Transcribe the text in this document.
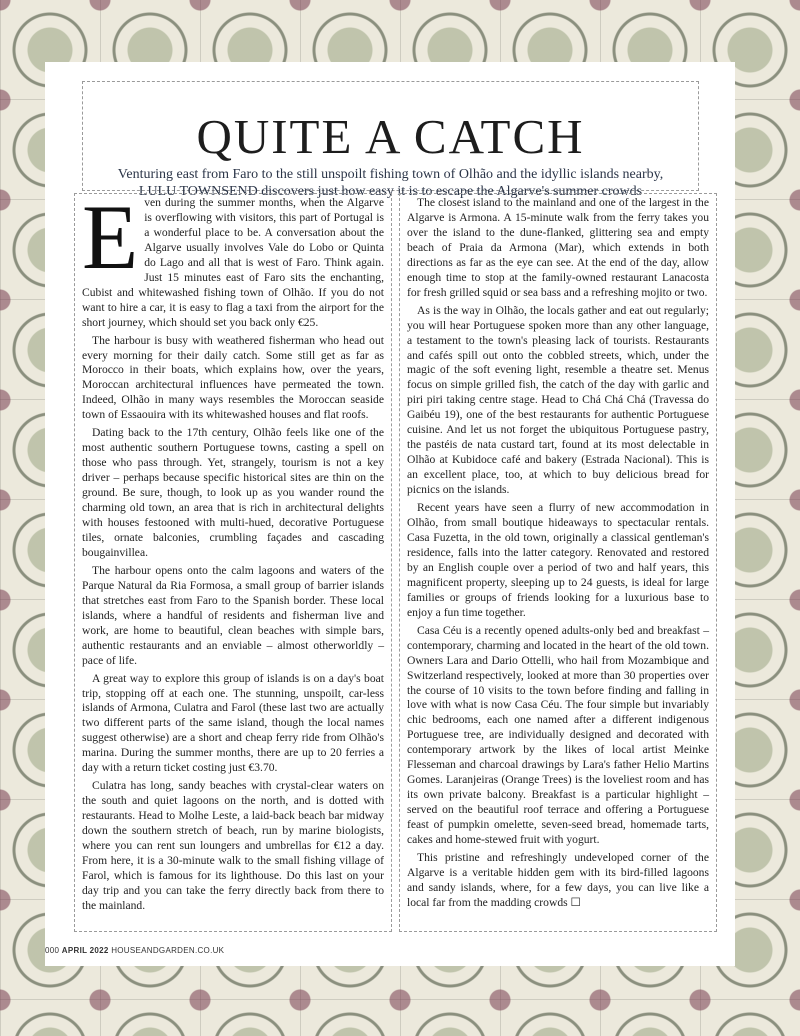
QUITE A CATCH
Venturing east from Faro to the still unspoilt fishing town of Olhão and the idyllic islands nearby, LULU TOWNSEND discovers just how easy it is to escape the Algarve's summer crowds

Even during the summer months, when the Algarve is overflowing with visitors, this part of Portugal is a wonderful place to be. A conversation about the Algarve usually involves Vale do Lobo or Quinta do Lago and all that is west of Faro. Think again. Just 15 minutes east of Faro sits the enchanting, Cubist and whitewashed fishing town of Olhão. If you do not want to hire a car, it is easy to flag a taxi from the airport for the short journey, which should set you back only €25.

The harbour is busy with weathered fisherman who head out every morning for their daily catch. Some still get as far as Morocco in their boats, which explains how, over the years, Moroccan architectural influences have permeated the town. Indeed, Olhão in many ways resembles the Moroccan seaside town of Essaouira with its whitewashed houses and flat roofs.

Dating back to the 17th century, Olhão feels like one of the most authentic southern Portuguese towns, casting a spell on those who pass through. Yet, strangely, tourism is not a key driver – perhaps because specific historical sites are thin on the ground. Be sure, though, to look up as you wander round the charming old town, an area that is rich in architectural delights with houses festooned with multi-hued, decorative Portuguese tiles, ornate balconies, crumbling façades and cascading bougainvillea.

The harbour opens onto the calm lagoons and waters of the Parque Natural da Ria Formosa, a small group of barrier islands that stretches east from Faro to the Spanish border. These local islands, where a handful of residents and fisherman live and work, are home to beautiful, clean beaches with simple bars, authentic restaurants and an enviable – almost otherworldly – pace of life.

A great way to explore this group of islands is on a day's boat trip, stopping off at each one. The stunning, unspoilt, car-less islands of Armona, Culatra and Farol (these last two are actually two different parts of the same island, though the local names suggest otherwise) are a short and cheap ferry ride from Olhão's marina. During the summer months, there are up to 20 ferries a day with a return ticket costing just €3.70.

Culatra has long, sandy beaches with crystal-clear waters on the south and quiet lagoons on the north, and is dotted with restaurants. Head to Molhe Leste, a laid-back beach bar midway down the southern stretch of beach, run by marine biologists, where you can rent sun loungers and umbrellas for €12 a day. From here, it is a 30-minute walk to the small fishing village of Farol, which is famous for its lighthouse. Do this last on your day trip and you can take the ferry directly back from there to the mainland.

The closest island to the mainland and one of the largest in the Algarve is Armona. A 15-minute walk from the ferry takes you over the island to the dune-flanked, glittering sea and empty beach of Praia da Armona (Mar), which extends in both directions as far as the eye can see. At the end of the day, allow enough time to stop at the family-owned restaurant Lanacosta for fresh grilled squid or sea bass and a refreshing mojito or two.

As is the way in Olhão, the locals gather and eat out regularly; you will hear Portuguese spoken more than any other language, a testament to the town's pleasing lack of tourists. Restaurants and cafés spill out onto the cobbled streets, which, under the magic of the soft evening light, resemble a theatre set. Menus focus on simple grilled fish, the catch of the day with garlic and piri piri taking centre stage. Head to Chá Chá Chá (Travessa do Gaibéu 19), one of the best restaurants for authentic Portuguese cuisine. And let us not forget the ubiquitous Portuguese pastry, the pastéis de nata custard tart, found at its most delectable in Olhão at Kubidoce café and bakery (Estrada Nacional). This is an excellent place, too, at which to buy delicious bread for picnics on the islands.

Recent years have seen a flurry of new accommodation in Olhão, from small boutique hideaways to spectacular rentals. Casa Fuzetta, in the old town, originally a classical gentleman's residence, falls into the latter category. Renovated and restored by an English couple over a period of two and half years, this magnificent property, sleeping up to 24 guests, is ideal for large families or groups of friends looking for a luxurious base to enjoy a fun time together.

Casa Céu is a recently opened adults-only bed and breakfast – contemporary, charming and located in the heart of the old town. Owners Lara and Dario Ottelli, who hail from Mozambique and Switzerland respectively, looked at more than 30 properties over the course of 10 visits to the town before finding and falling in love with what is now Casa Céu. The four simple but invariably chic bedrooms, each one named after a different indigenous Portuguese tree, are individually designed and decorated with contemporary artwork by the likes of local artist Meinke Flesseman and charcoal drawings by Lara's father Helio Martins Gomes. Laranjeiras (Orange Trees) is the loveliest room and has its own private balcony. Breakfast is a particular highlight – served on the beautiful roof terrace and offering a Portuguese feast of pumpkin omelette, seven-seed bread, homemade tarts, cakes and home-stewed fruit with yogurt.

This pristine and refreshingly undeveloped corner of the Algarve is a veritable hidden gem with its bird-filled lagoons and sandy islands, where, for a few days, you can live like a local far from the madding crowds ☐

000 APRIL 2022 HOUSEANDGARDEN.CO.UK
